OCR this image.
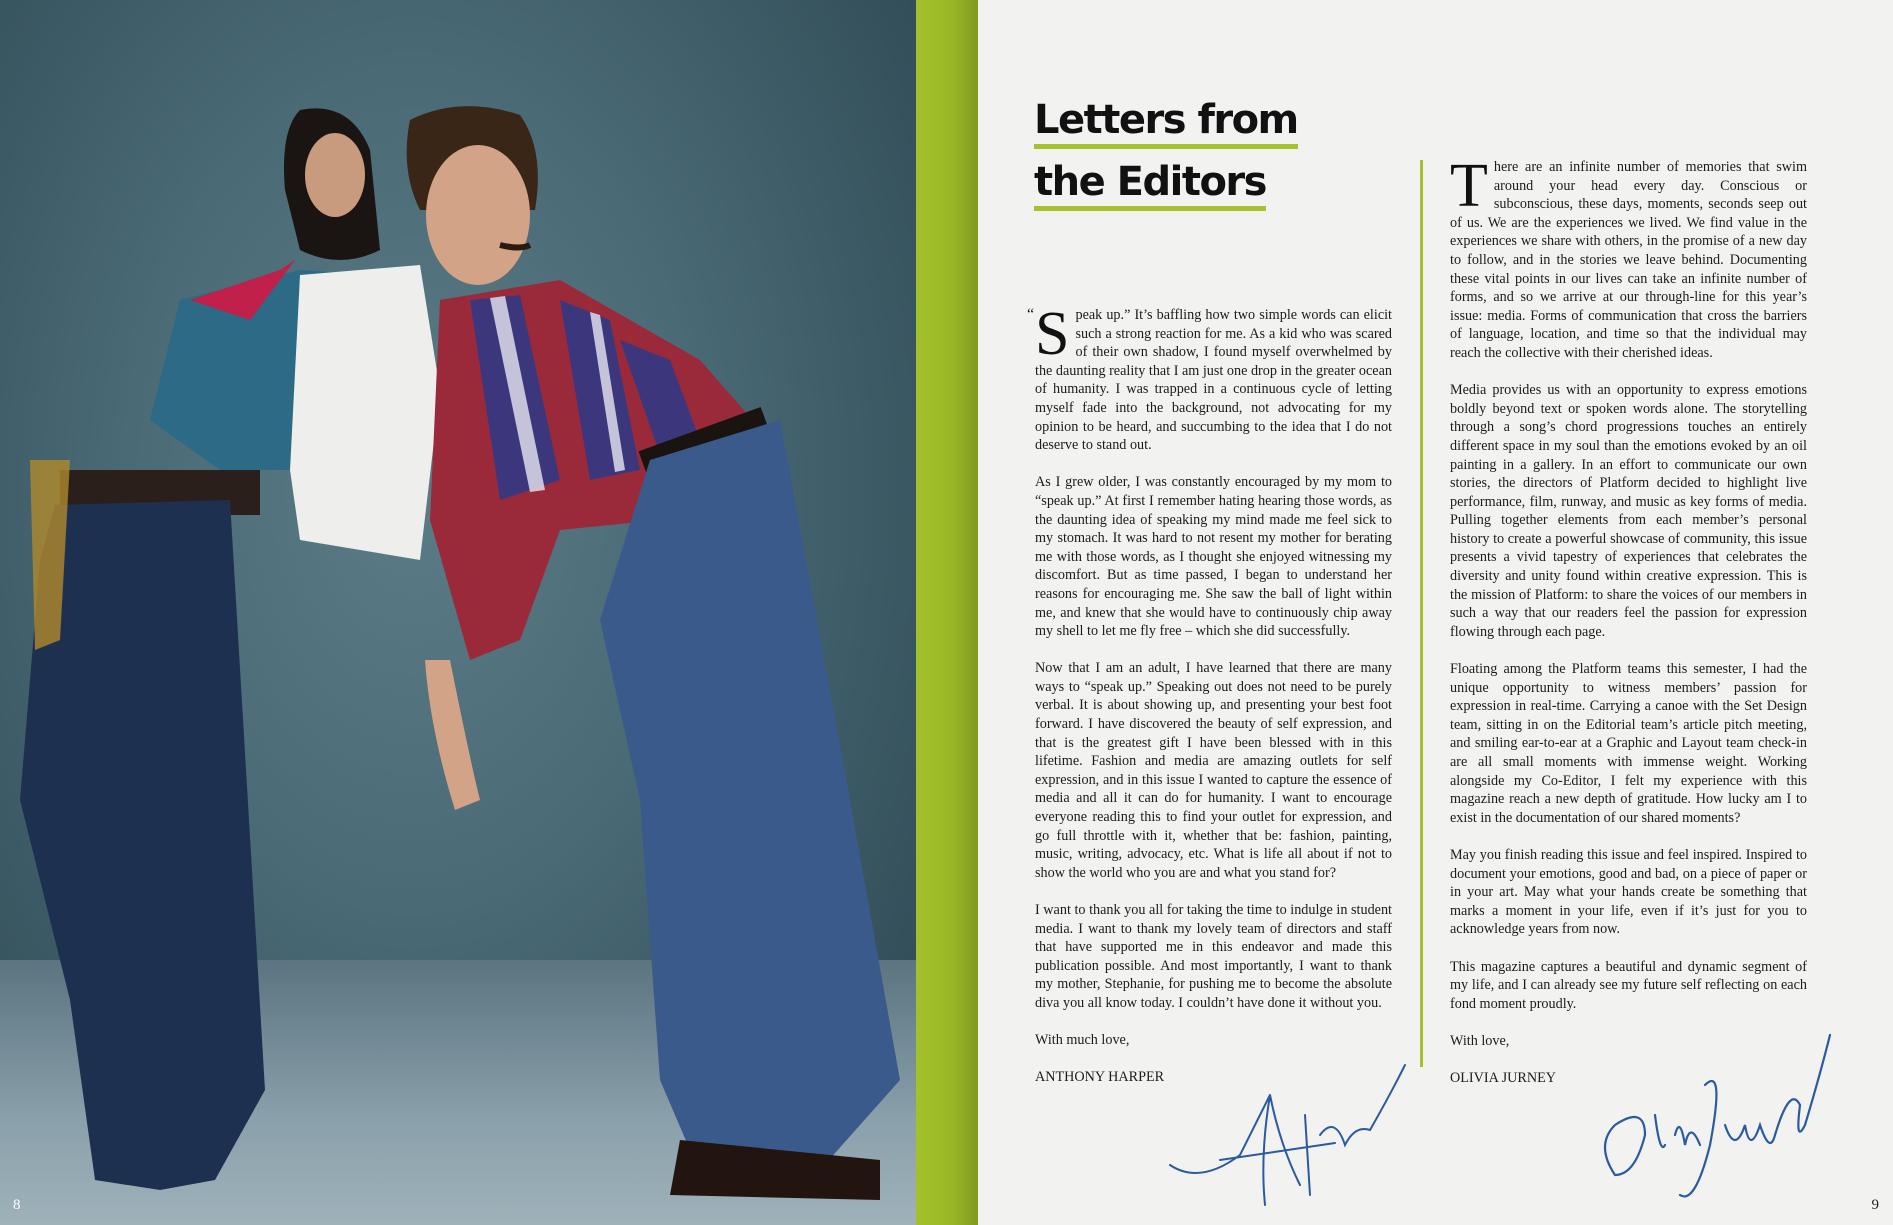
8
Letters from
the Editors
“ Speak up.” It’s baffling how two simple words can elicit such a strong reaction for me. As a kid who was scared of their own shadow, I found myself overwhelmed by the daunting reality that I am just one drop in the greater ocean of humanity. I was trapped in a continuous cycle of letting myself fade into the background, not advocating for my opinion to be heard, and succumbing to the idea that I do not deserve to stand out.

As I grew older, I was constantly encouraged by my mom to “speak up.” At first I remember hating hearing those words, as the daunting idea of speaking my mind made me feel sick to my stomach. It was hard to not resent my mother for berating me with those words, as I thought she enjoyed witnessing my discomfort. But as time passed, I began to understand her reasons for encouraging me. She saw the ball of light within me, and knew that she would have to continuously chip away my shell to let me fly free – which she did successfully.

Now that I am an adult, I have learned that there are many ways to “speak up.” Speaking out does not need to be purely verbal. It is about showing up, and presenting your best foot forward. I have discovered the beauty of self expression, and that is the greatest gift I have been blessed with in this lifetime. Fashion and media are amazing outlets for self expression, and in this issue I wanted to capture the essence of media and all it can do for humanity. I want to encourage everyone reading this to find your outlet for expression, and go full throttle with it, whether that be: fashion, painting, music, writing, advocacy, etc. What is life all about if not to show the world who you are and what you stand for?

I want to thank you all for taking the time to indulge in student media. I want to thank my lovely team of directors and staff that have supported me in this endeavor and made this publication possible. And most importantly, I want to thank my mother, Stephanie, for pushing me to become the absolute diva you all know today. I couldn’t have done it without you.

With much love,

ANTHONY HARPER

There are an infinite number of memories that swim around your head every day. Conscious or subconscious, these days, moments, seconds seep out of us. We are the experiences we lived. We find value in the experiences we share with others, in the promise of a new day to follow, and in the stories we leave behind. Documenting these vital points in our lives can take an infinite number of forms, and so we arrive at our through-line for this year’s issue: media. Forms of communication that cross the barriers of language, location, and time so that the individual may reach the collective with their cherished ideas.

Media provides us with an opportunity to express emotions boldly beyond text or spoken words alone. The storytelling through a song’s chord progressions touches an entirely different space in my soul than the emotions evoked by an oil painting in a gallery. In an effort to communicate our own stories, the directors of Platform decided to highlight live performance, film, runway, and music as key forms of media. Pulling together elements from each member’s personal history to create a powerful showcase of community, this issue presents a vivid tapestry of experiences that celebrates the diversity and unity found within creative expression. This is the mission of Platform: to share the voices of our members in such a way that our readers feel the passion for expression flowing through each page.

Floating among the Platform teams this semester, I had the unique opportunity to witness members’ passion for expression in real-time. Carrying a canoe with the Set Design team, sitting in on the Editorial team’s article pitch meeting, and smiling ear-to-ear at a Graphic and Layout team check-in are all small moments with immense weight. Working alongside my Co-Editor, I felt my experience with this magazine reach a new depth of gratitude. How lucky am I to exist in the documentation of our shared moments?

May you finish reading this issue and feel inspired. Inspired to document your emotions, good and bad, on a piece of paper or in your art. May what your hands create be something that marks a moment in your life, even if it’s just for you to acknowledge years from now.

This magazine captures a beautiful and dynamic segment of my life, and I can already see my future self reflecting on each fond moment proudly.

With love,

OLIVIA JURNEY

9
